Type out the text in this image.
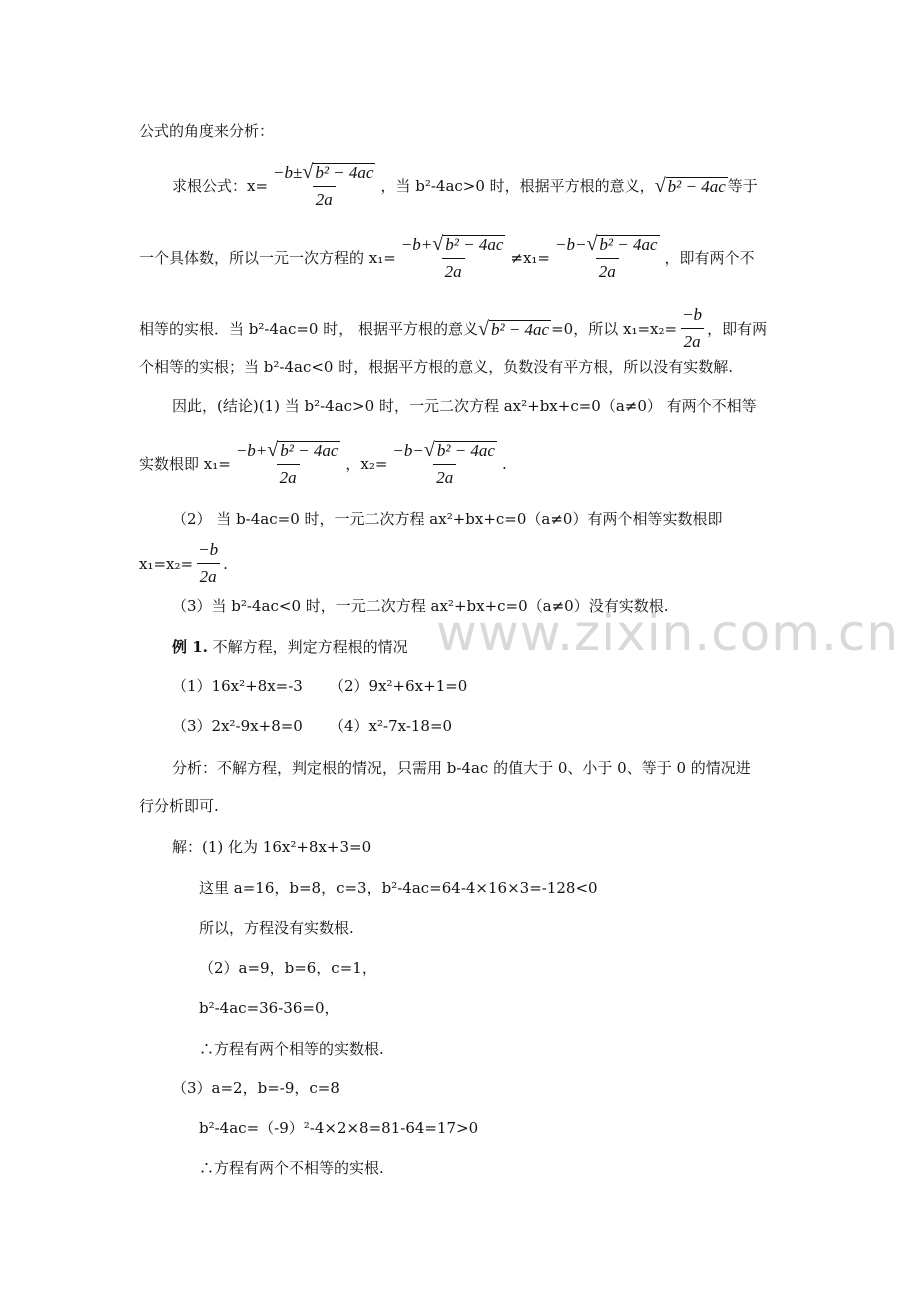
www.zixin.com.cn
公式的角度来分析：
求根公式：$x= \frac{\text{−b± √ b² − 4ac}}{2a}$ ，当 b²-4ac>0 时，根据平方根的意义， √ b² − 4ac 等于
一个具体数，所以一元一次方程的 $x_1= \frac{\text{−b+ √ b² − 4ac}}{2a} \ne x_1= \frac{\text{−b− √ b² − 4ac}}{2a}$ ，即有两个不
相等的实根．当 b²-4ac=0 时， 根据平方根的意义 √ b² − 4ac =0，所以 $x_1=x_2= \frac{-b}{2a}$ ，即有两
个相等的实根；当 b²-4ac<0 时，根据平方根的意义，负数没有平方根，所以没有实数解.
因此，(结论)(1) 当 b²-4ac>0 时，一元二次方程 ax²+bx+c=0（a≠0） 有两个不相等
实数根即 $x_1= \frac{\text{−b+ √ b² − 4ac}}{2a}$ ，$x_2= \frac{\text{−b− √ b² − 4ac}}{2a}$ .
（2） 当 b-4ac=0 时，一元二次方程 ax²+bx+c=0（a≠0）有两个相等实数根即
$x_1=x_2= \frac{-b}{2a}$ .
（3）当 b²-4ac<0 时，一元二次方程 ax²+bx+c=0（a≠0）没有实数根.
例 1.
不解方程，判定方程根的情况
（1）16x²+8x=-3 （2）9x²+6x+1=0
（3）2x²-9x+8=0 （4）x²-7x-18=0
分析：不解方程，判定根的情况，只需用 b-4ac 的值大于 0、小于 0、等于 0 的情况进
行分析即可.
解：(1) 化为 16x²+8x+3=0
这里 a=16，b=8，c=3，b²-4ac=64-4×16×3=-128<0
所以，方程没有实数根.
（2）a=9，b=6，c=1，
b²-4ac=36-36=0，
∴方程有两个相等的实数根.
（3）a=2，b=-9，c=8
b²-4ac=（-9）²-4×2×8=81-64=17>0
∴方程有两个不相等的实根.
